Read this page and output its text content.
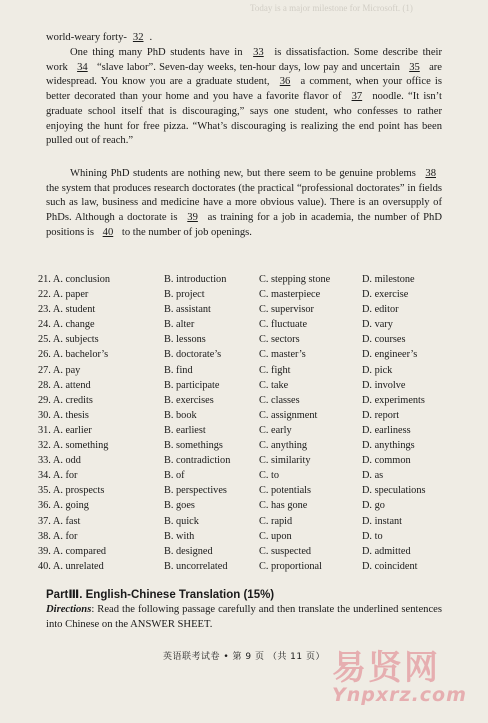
Today is a major milestone for Microsoft. (1)
world-weary forty- 32 .
One thing many PhD students have in 33 is dissatisfaction. Some describe their work 34 “slave labor”. Seven-day weeks, ten-hour days, low pay and uncertain 35 are widespread. You know you are a graduate student, 36 a comment, when your office is better decorated than your home and you have a favorite flavor of 37 noodle. “It isn’t graduate school itself that is discouraging,” says one student, who confesses to rather enjoying the hunt for free pizza. “What’s discouraging is realizing the end point has been pulled out of reach.”
Whining PhD students are nothing new, but there seem to be genuine problems 38 the system that produces research doctorates (the practical “professional doctorates” in fields such as law, business and medicine have a more obvious value). There is an oversupply of PhDs. Although a doctorate is 39 as training for a job in academia, the number of PhD positions is 40 to the number of job openings.
21. A. conclusion	B. introduction	C. stepping stone	D. milestone
22. A. paper	B. project	C. masterpiece	D. exercise
23. A. student	B. assistant	C. supervisor	D. editor
24. A. change	B. alter	C. fluctuate	D. vary
25. A. subjects	B. lessons	C. sectors	D. courses
26. A. bachelor’s	B. doctorate’s	C. master’s	D. engineer’s
27. A. pay	B. find	C. fight	D. pick
28. A. attend	B. participate	C. take	D. involve
29. A. credits	B. exercises	C. classes	D. experiments
30. A. thesis	B. book	C. assignment	D. report
31. A. earlier	B. earliest	C. early	D. earliness
32. A. something	B. somethings	C. anything	D. anythings
33. A. odd	B. contradiction	C. similarity	D. common
34. A. for	B. of	C. to	D. as
35. A. prospects	B. perspectives	C. potentials	D. speculations
36. A. going	B. goes	C. has gone	D. go
37. A. fast	B. quick	C. rapid	D. instant
38. A. for	B. with	C. upon	D. to
39. A. compared	B. designed	C. suspected	D. admitted
40. A. unrelated	B. uncorrelated	C. proportional	D. coincident
PartⅢ. English-Chinese Translation (15%)
Directions: Read the following passage carefully and then translate the underlined sentences into Chinese on the ANSWER SHEET.
英语联考试卷 • 第 9 页 （共 11 页） 易贤网
Ynpxrz.com
